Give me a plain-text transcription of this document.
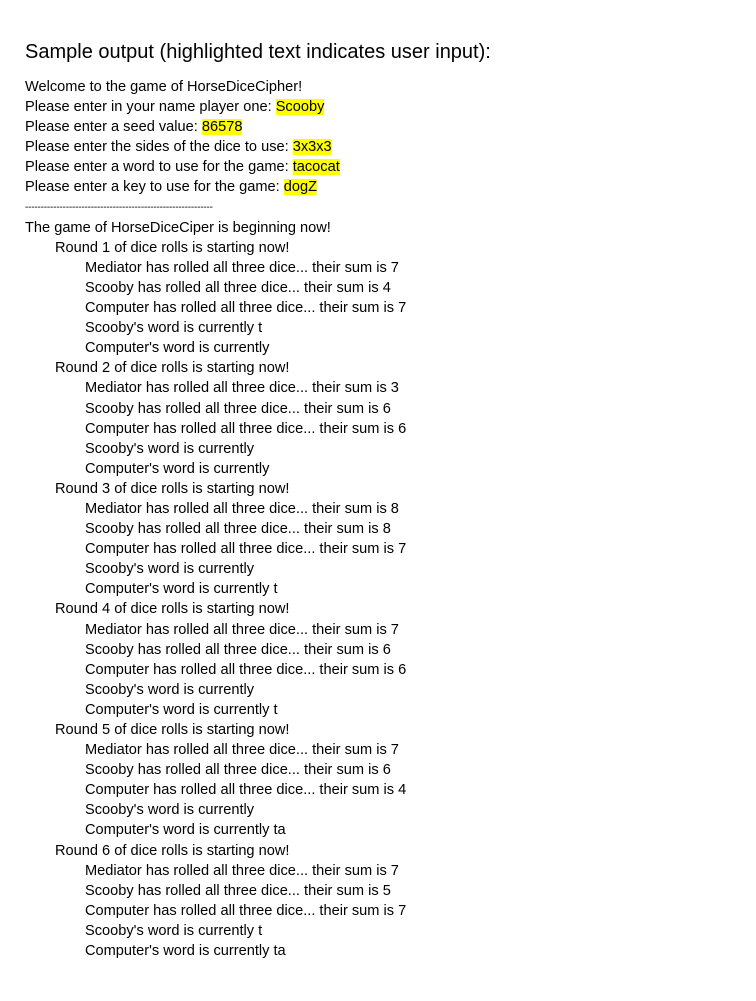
Sample output (highlighted text indicates user input):
Welcome to the game of HorseDiceCipher!
Please enter in your name player one: Scooby
Please enter a seed value: 86578
Please enter the sides of the dice to use: 3x3x3
Please enter a word to use for the game: tacocat
Please enter a key to use for the game: dogZ
------------------------------------------------------------
The game of HorseDiceCiper is beginning now!
Round 1 of dice rolls is starting now!
Mediator has rolled all three dice... their sum is 7
Scooby has rolled all three dice... their sum is 4
Computer has rolled all three dice... their sum is 7
Scooby's word is currently t
Computer's word is currently
Round 2 of dice rolls is starting now!
Mediator has rolled all three dice... their sum is 3
Scooby has rolled all three dice... their sum is 6
Computer has rolled all three dice... their sum is 6
Scooby's word is currently
Computer's word is currently
Round 3 of dice rolls is starting now!
Mediator has rolled all three dice... their sum is 8
Scooby has rolled all three dice... their sum is 8
Computer has rolled all three dice... their sum is 7
Scooby's word is currently
Computer's word is currently t
Round 4 of dice rolls is starting now!
Mediator has rolled all three dice... their sum is 7
Scooby has rolled all three dice... their sum is 6
Computer has rolled all three dice... their sum is 6
Scooby's word is currently
Computer's word is currently t
Round 5 of dice rolls is starting now!
Mediator has rolled all three dice... their sum is 7
Scooby has rolled all three dice... their sum is 6
Computer has rolled all three dice... their sum is 4
Scooby's word is currently
Computer's word is currently ta
Round 6 of dice rolls is starting now!
Mediator has rolled all three dice... their sum is 7
Scooby has rolled all three dice... their sum is 5
Computer has rolled all three dice... their sum is 7
Scooby's word is currently t
Computer's word is currently ta
